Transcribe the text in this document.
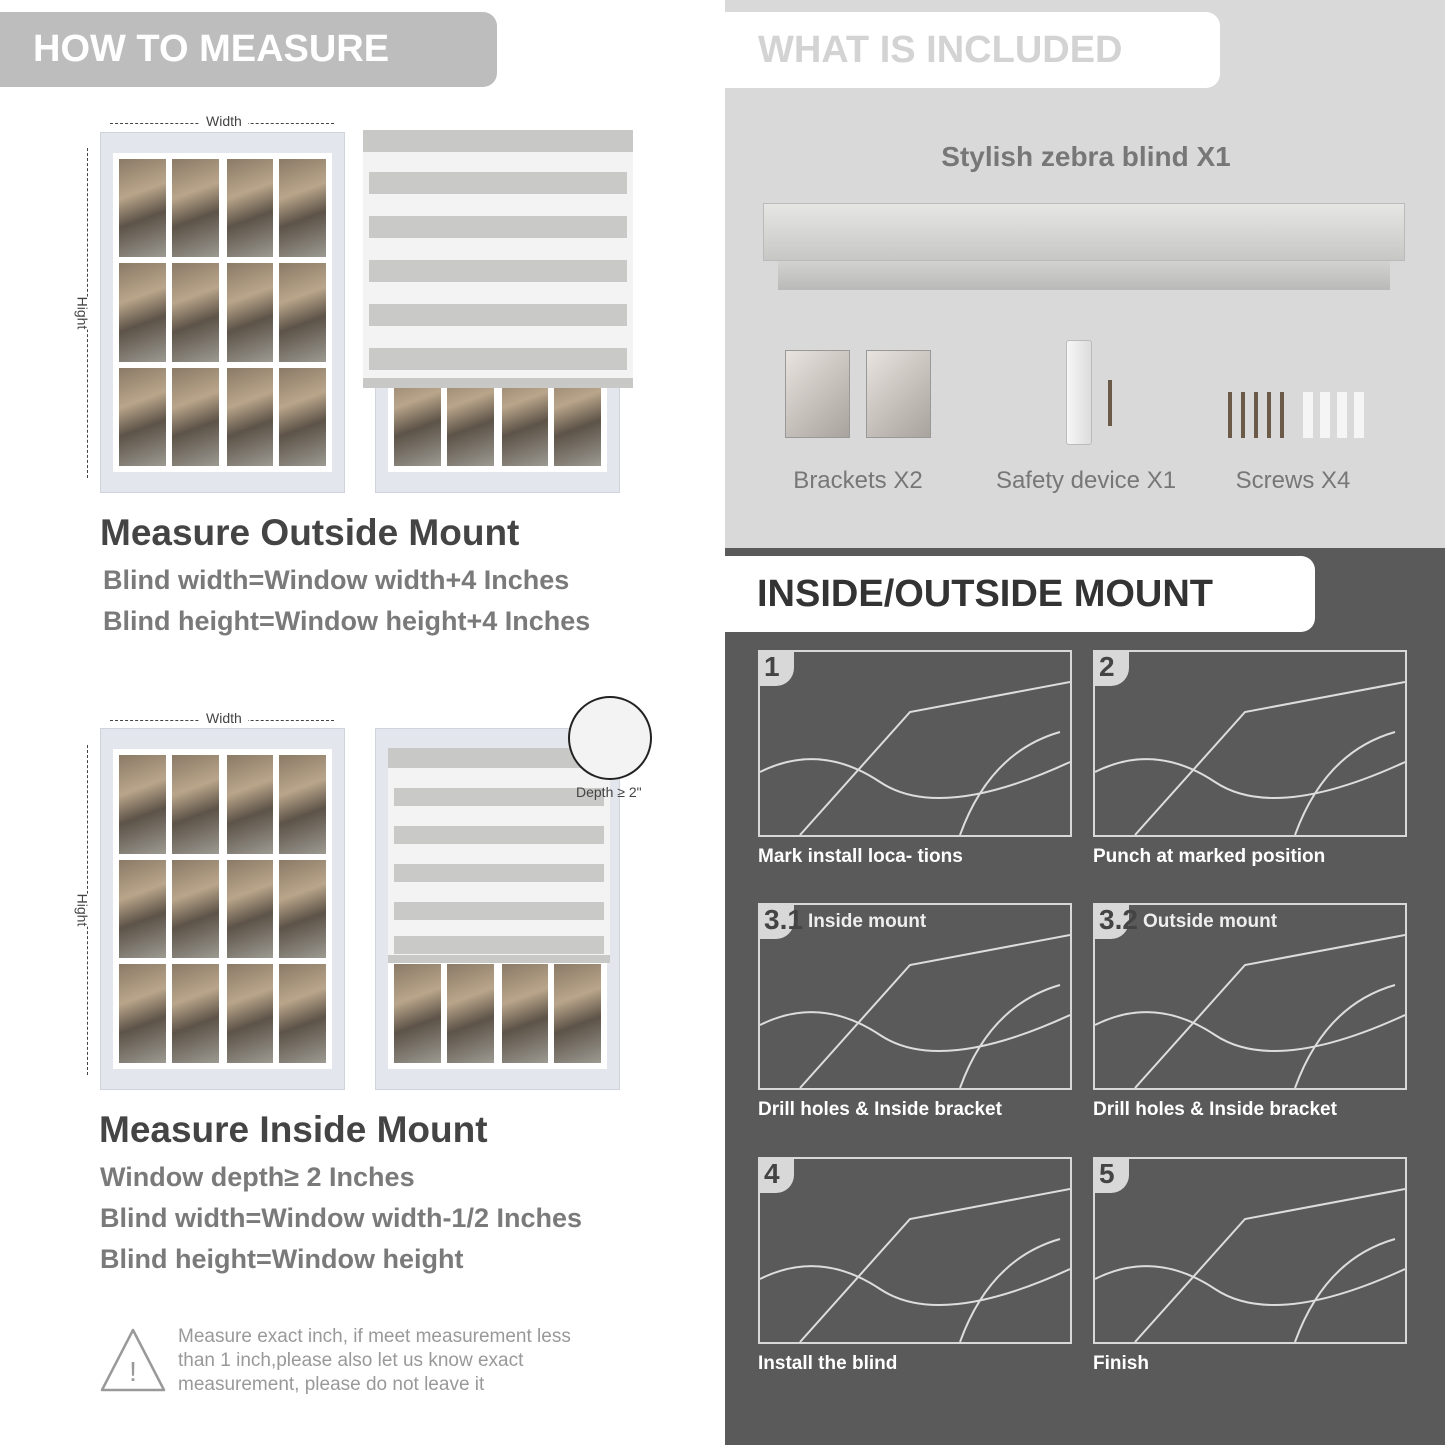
HOW TO MEASURE
Width
Hight
Measure Outside Mount
Blind width=Window width+4 Inches
Blind height=Window height+4 Inches
Width
Hight
Depth ≥ 2"
Measure Inside Mount
Window depth≥ 2 Inches
Blind width=Window width-1/2 Inches
Blind height=Window height
!
Measure exact inch, if meet measurement less
than 1 inch,please also let us know exact
measurement, please do not leave it
WHAT IS INCLUDED
Stylish zebra blind X1
Brackets X2	Safety device X1 Screws X4
INSIDE/OUTSIDE MOUNT
1
Mark install loca- tions
2
Punch at marked position
3.1 Inside mount
Drill holes & Inside bracket
3.2 Outside mount
Drill holes & Inside bracket
4
Install the blind
5
Finish
